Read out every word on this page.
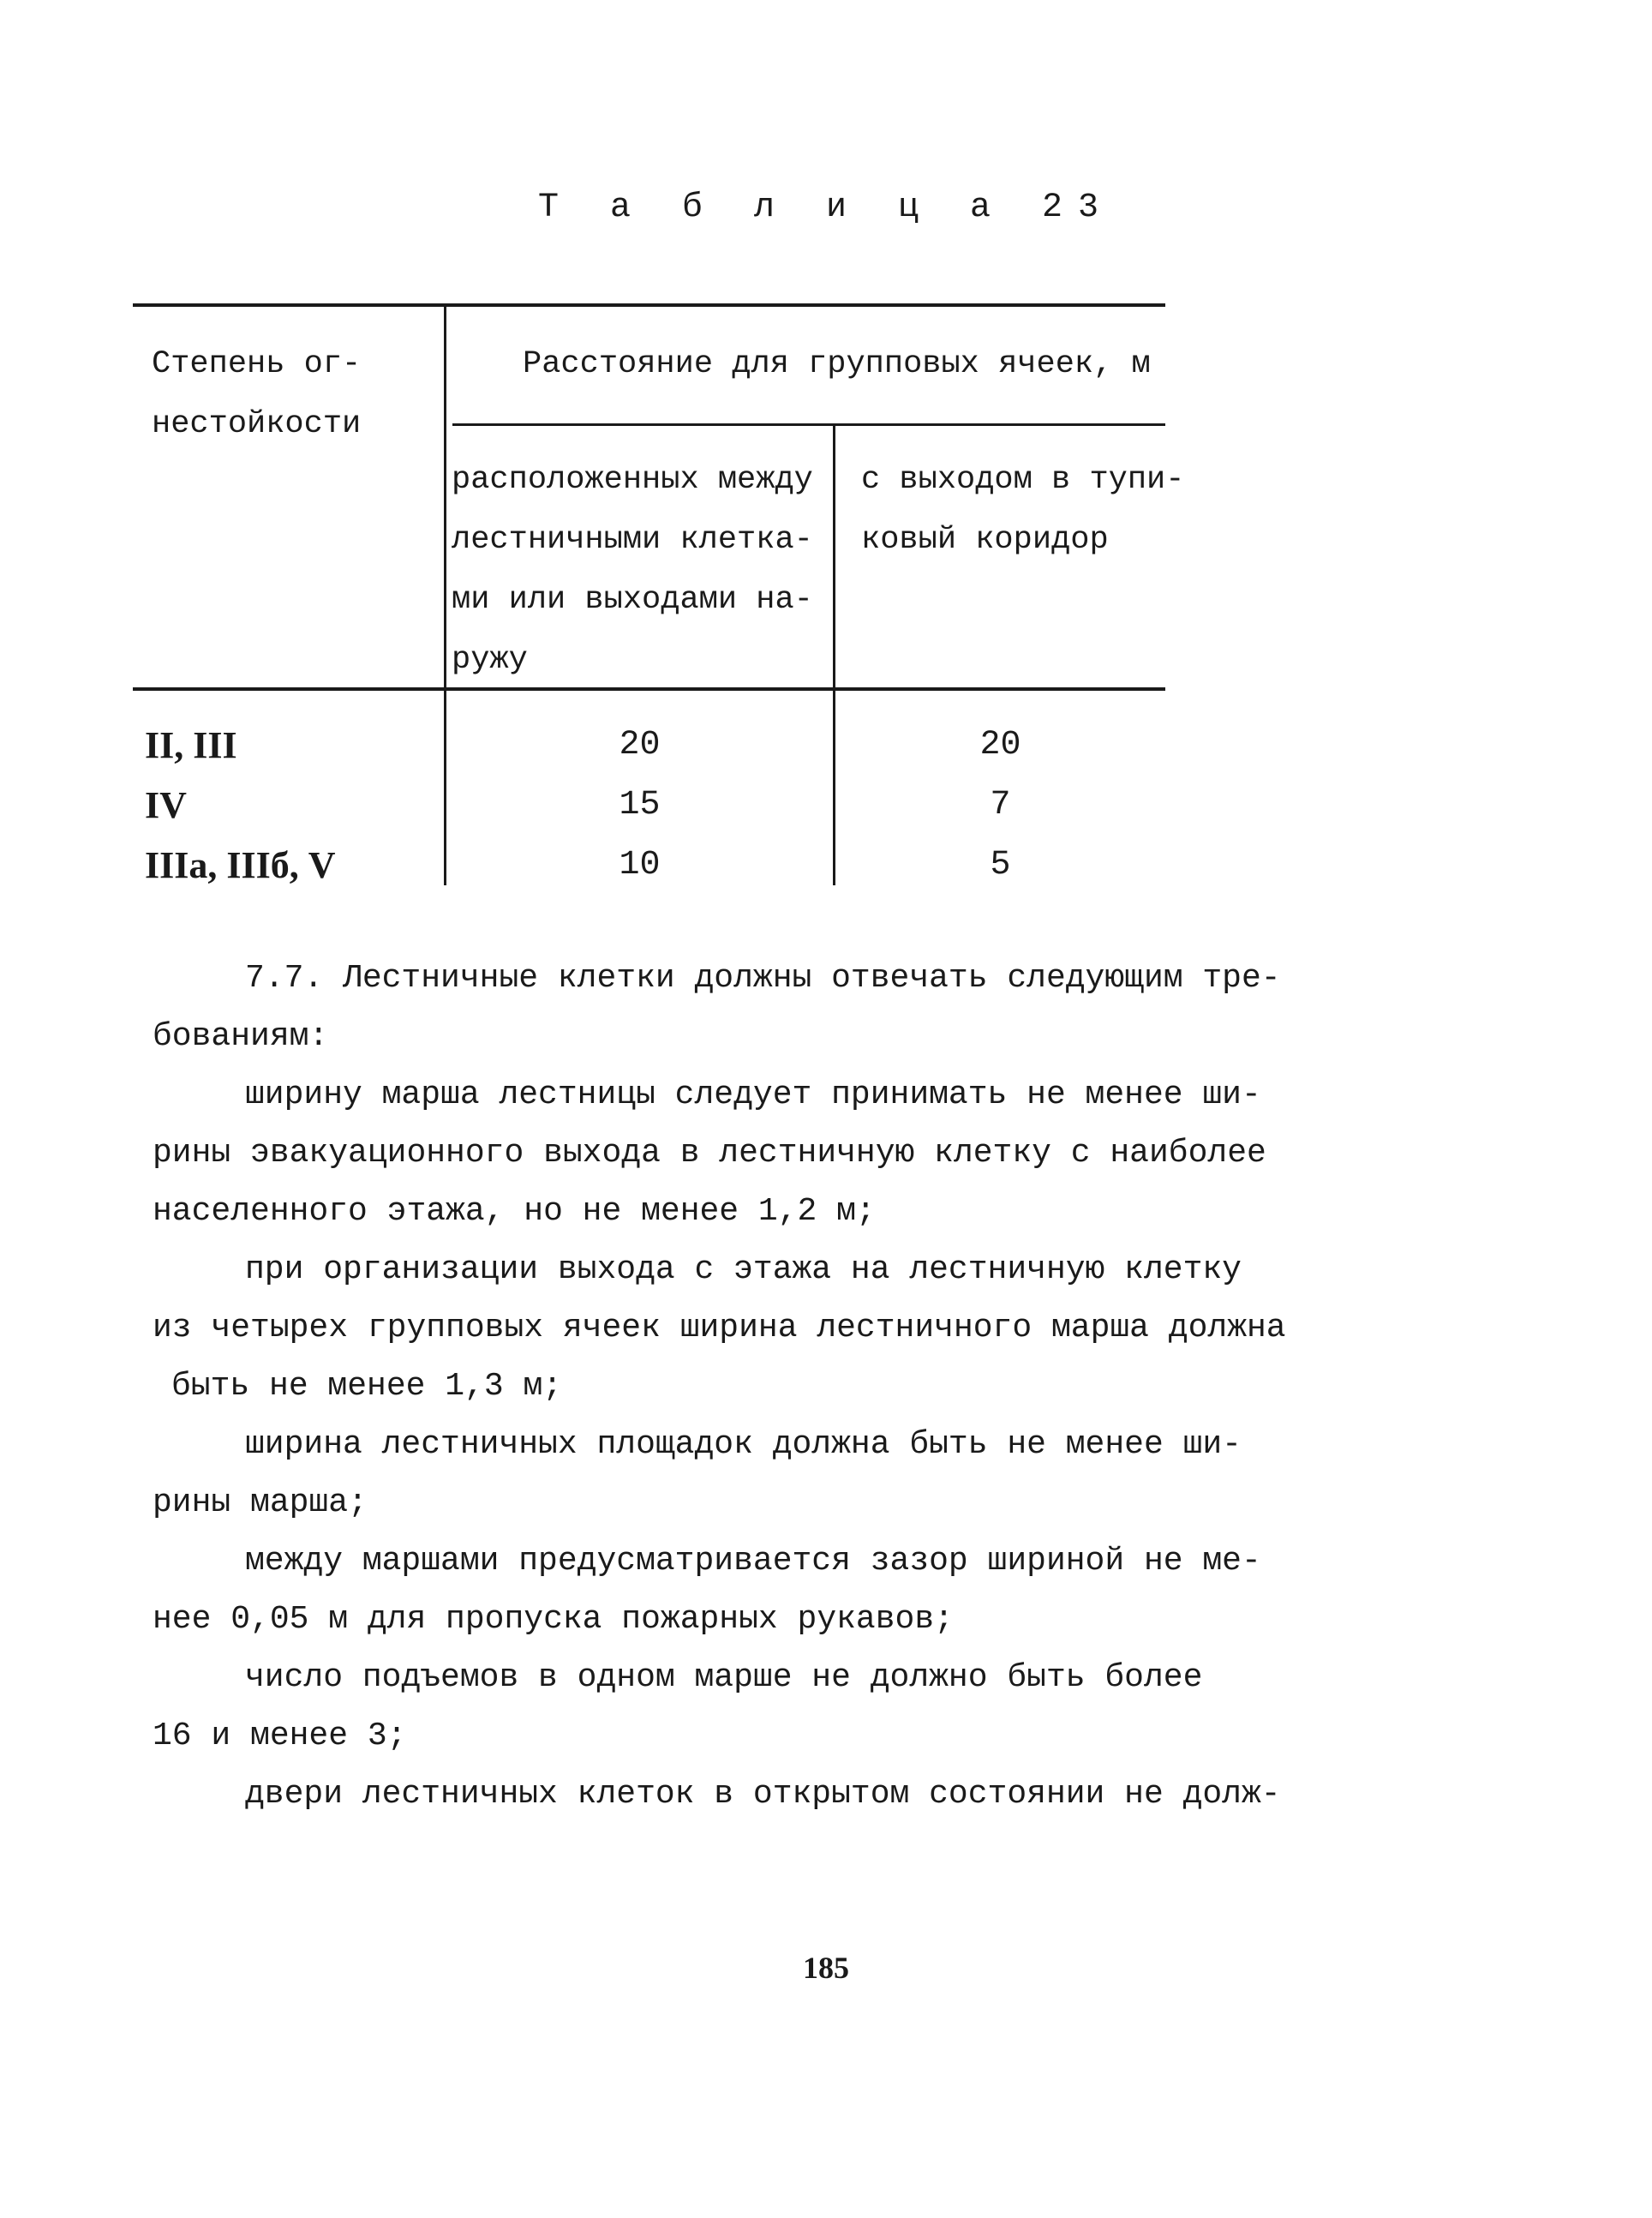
Т а б л и ц а 23
Степень ог-
нестойкости
Расстояние для групповых ячеек, м
расположенных между
лестничными клетка-
ми или выходами на-
ружу
с выходом в тупи-
ковый коридор
II, III	20	20
IV	15	7
IIIa, IIIб, V	10	5
7.7. Лестничные клетки должны отвечать следующим тре-
бованиям:
ширину марша лестницы следует принимать не менее ши-
рины эвакуационного выхода в лестничную клетку с наиболее
населенного этажа, но не менее 1,2 м;
при организации выхода с этажа на лестничную клетку
из четырех групповых ячеек ширина лестничного марша должна
быть не менее 1,3 м;
ширина лестничных площадок должна быть не менее ши-
рины марша;
между маршами предусматривается зазор шириной не ме-
нее 0,05 м для пропуска пожарных рукавов;
число подъемов в одном марше не должно быть более
16 и менее 3;
двери лестничных клеток в открытом состоянии не долж-
185
